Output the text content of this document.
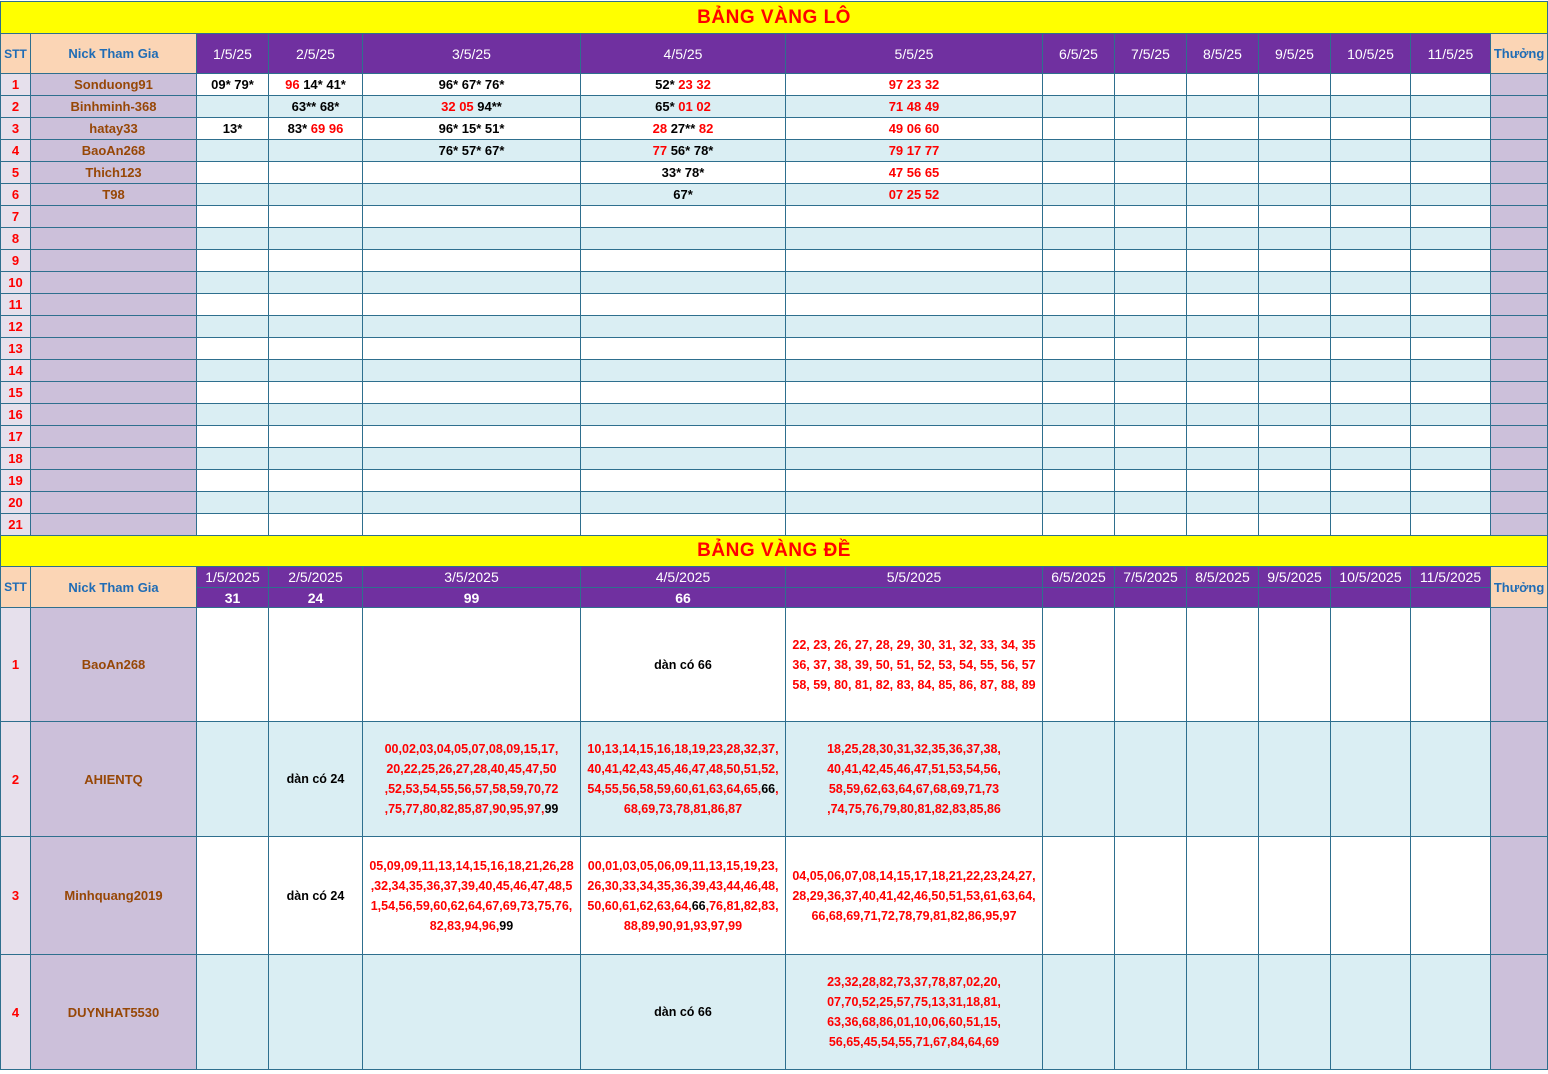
BẢNG VÀNG LÔ													
STT	Nick Tham Gia	1/5/25	2/5/25	3/5/25	4/5/25	5/5/25	6/5/25	7/5/25	8/5/25	9/5/25	10/5/25	11/5/25	Thưởng
1	Sonduong91	09* 79*	96 14* 41*	96* 67* 76*	52* 23 32	97 23 32							
2	Binhminh-368		63** 68*	32 05 94**	65* 01 02	71 48 49							
3	hatay33	13*	83* 69 96	96* 15* 51*	28 27** 82	49 06 60							
4	BaoAn268			76* 57* 67*	77 56* 78*	79 17 77							
5	Thich123				33* 78*	47 56 65							
6	T98				67*	07 25 52							
7													
8													
9													
10													
11													
12													
13													
14													
15													
16													
17													
18													
19													
20													
21													
BẢNG VÀNG ĐỀ													
STT	Nick Tham Gia	1/5/2025	2/5/2025	3/5/2025	4/5/2025	5/5/2025	6/5/2025	7/5/2025	8/5/2025	9/5/2025	10/5/2025	11/5/2025	Thưởng
		31	24	99	66								
1	BaoAn268				dàn có 66	22, 23, 26, 27, 28, 29, 30, 31, 32, 33, 34, 35 36, 37, 38, 39, 50, 51, 52, 53, 54, 55, 56, 57 58, 59, 80, 81, 82, 83, 84, 85, 86, 87, 88, 89							
2	AHIENTQ		dàn có 24	00,02,03,04,05,07,08,09,15,17, 20,22,25,26,27,28,40,45,47,50 ,52,53,54,55,56,57,58,59,70,72 ,75,77,80,82,85,87,90,95,97,99	10,13,14,15,16,18,19,23,28,32,37, 40,41,42,43,45,46,47,48,50,51,52, 54,55,56,58,59,60,61,63,64,65,66, 68,69,73,78,81,86,87	18,25,28,30,31,32,35,36,37,38, 40,41,42,45,46,47,51,53,54,56, 58,59,62,63,64,67,68,69,71,73 ,74,75,76,79,80,81,82,83,85,86							
3	Minhquang2019		dàn có 24	05,09,09,11,13,14,15,16,18,21,26,28 ,32,34,35,36,37,39,40,45,46,47,48,5 1,54,56,59,60,62,64,67,69,73,75,76, 82,83,94,96,99	00,01,03,05,06,09,11,13,15,19,23, 26,30,33,34,35,36,39,43,44,46,48, 50,60,61,62,63,64,66,76,81,82,83, 88,89,90,91,93,97,99	04,05,06,07,08,14,15,17,18,21,22,23,24,27, 28,29,36,37,40,41,42,46,50,51,53,61,63,64, 66,68,69,71,72,78,79,81,82,86,95,97							
4	DUYNHAT5530				dàn có 66	23,32,28,82,73,37,78,87,02,20, 07,70,52,25,57,75,13,31,18,81, 63,36,68,86,01,10,06,60,51,15, 56,65,45,54,55,71,67,84,64,69							
